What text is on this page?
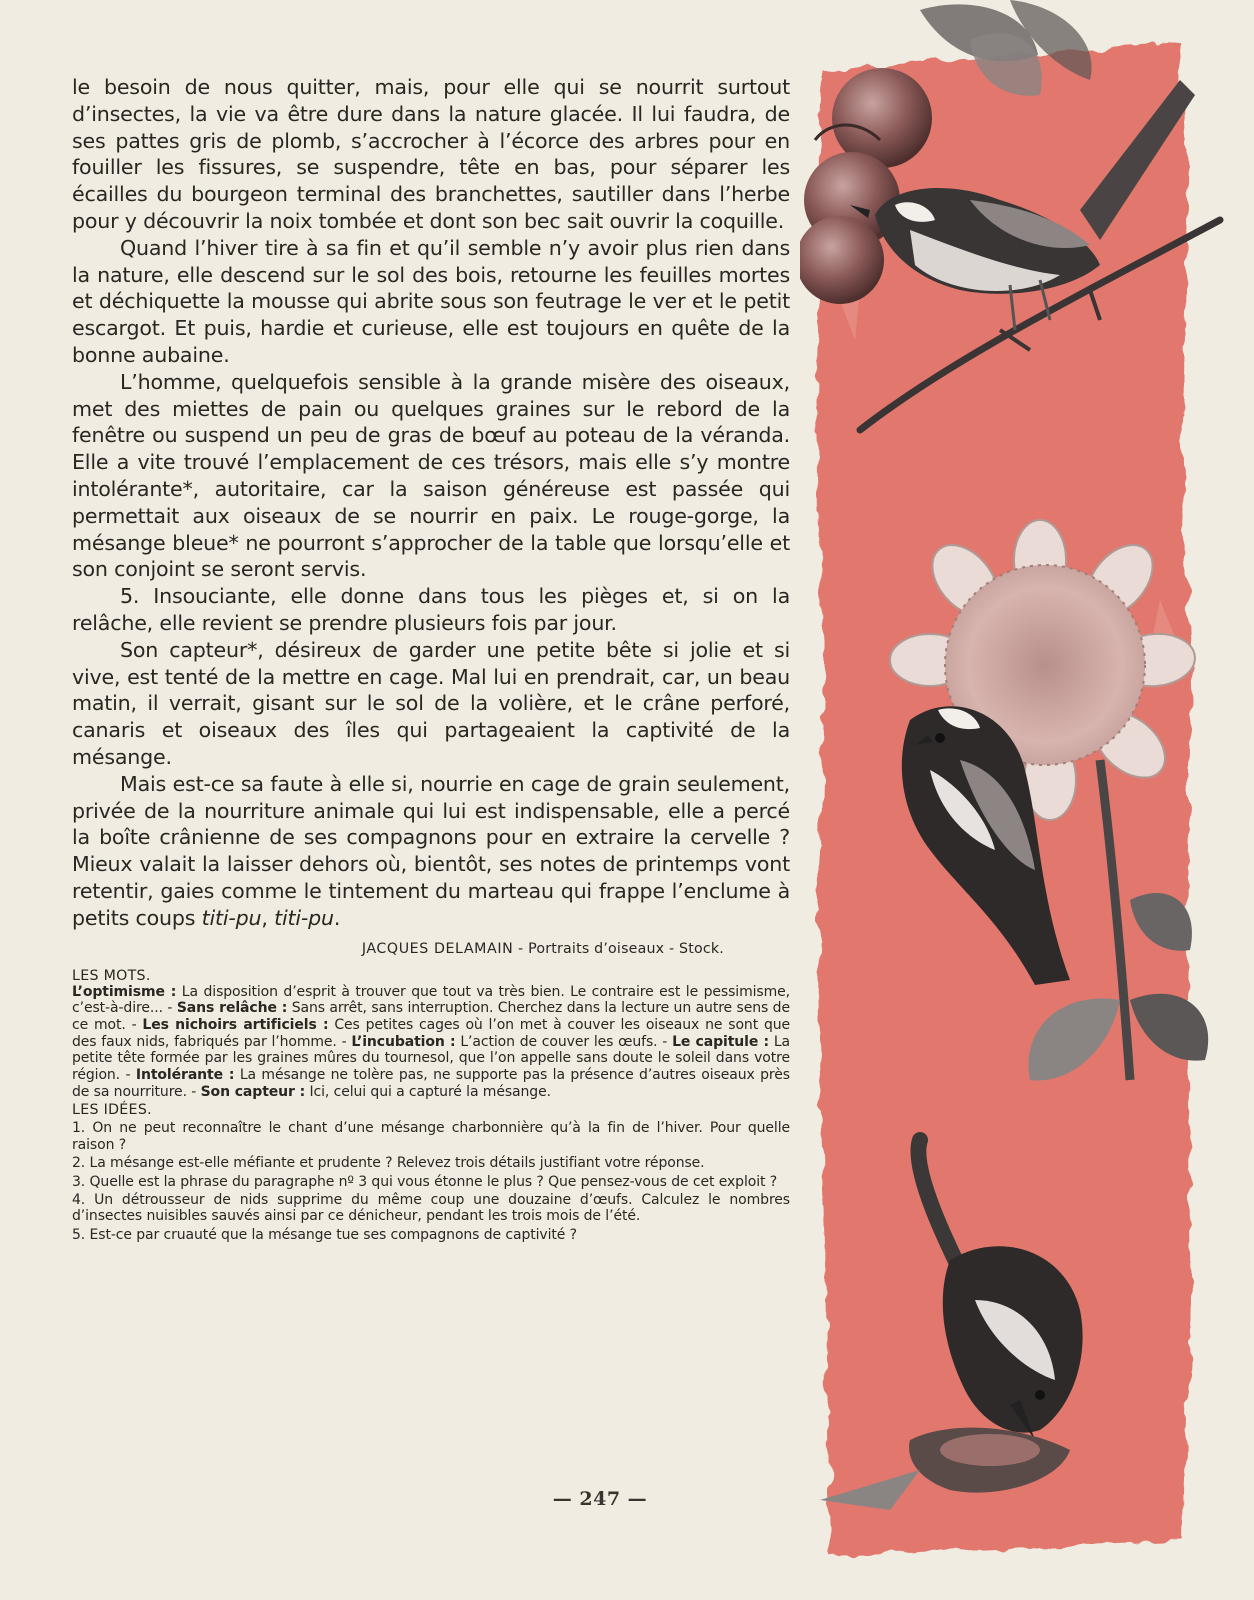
le besoin de nous quitter, mais, pour elle qui se nourrit surtout d’insectes, la vie va être dure dans la nature glacée. Il lui faudra, de ses pattes gris de plomb, s’accrocher à l’écorce des arbres pour en fouiller les fissures, se suspendre, tête en bas, pour séparer les écailles du bourgeon terminal des branchettes, sautiller dans l’herbe pour y découvrir la noix tombée et dont son bec sait ouvrir la coquille.

Quand l’hiver tire à sa fin et qu’il semble n’y avoir plus rien dans la nature, elle descend sur le sol des bois, retourne les feuilles mortes et déchiquette la mousse qui abrite sous son feutrage le ver et le petit escargot. Et puis, hardie et curieuse, elle est toujours en quête de la bonne aubaine.

L’homme, quelquefois sensible à la grande misère des oiseaux, met des miettes de pain ou quelques graines sur le rebord de la fenêtre ou suspend un peu de gras de bœuf au poteau de la véranda. Elle a vite trouvé l’emplacement de ces trésors, mais elle s’y montre intolérante*, autoritaire, car la saison généreuse est passée qui permettait aux oiseaux de se nourrir en paix. Le rouge-gorge, la mésange bleue* ne pourront s’approcher de la table que lorsqu’elle et son conjoint se seront servis.

5. Insouciante, elle donne dans tous les pièges et, si on la relâche, elle revient se prendre plusieurs fois par jour.

Son capteur*, désireux de garder une petite bête si jolie et si vive, est tenté de la mettre en cage. Mal lui en prendrait, car, un beau matin, il verrait, gisant sur le sol de la volière, et le crâne perforé, canaris et oiseaux des îles qui partageaient la captivité de la mésange.

Mais est-ce sa faute à elle si, nourrie en cage de grain seulement, privée de la nourriture animale qui lui est indispensable, elle a percé la boîte crânienne de ses compagnons pour en extraire la cervelle ? Mieux valait la laisser dehors où, bientôt, ses notes de printemps vont retentir, gaies comme le tintement du marteau qui frappe l’enclume à petits coups titi-pu, titi-pu.

JACQUES DELAMAIN - Portraits d’oiseaux - Stock.

LES MOTS.

L’optimisme : La disposition d’esprit à trouver que tout va très bien. Le contraire est le pessimisme, c’est-à-dire... - Sans relâche : Sans arrêt, sans interruption. Cherchez dans la lecture un autre sens de ce mot. - Les nichoirs artificiels : Ces petites cages où l’on met à couver les oiseaux ne sont que des faux nids, fabriqués par l’homme. - L’incubation : L’action de couver les œufs. - Le capitule : La petite tête formée par les graines mûres du tournesol, que l’on appelle sans doute le soleil dans votre région. - Intolérante : La mésange ne tolère pas, ne supporte pas la présence d’autres oiseaux près de sa nourriture. - Son capteur : Ici, celui qui a capturé la mésange.

LES IDÉES.

1. On ne peut reconnaître le chant d’une mésange charbonnière qu’à la fin de l’hiver. Pour quelle raison ?
2. La mésange est-elle méfiante et prudente ? Relevez trois détails justifiant votre réponse.
3. Quelle est la phrase du paragraphe nº 3 qui vous étonne le plus ? Que pensez-vous de cet exploit ?
4. Un détrousseur de nids supprime du même coup une douzaine d’œufs. Calculez le nombres d’insectes nuisibles sauvés ainsi par ce dénicheur, pendant les trois mois de l’été.
5. Est-ce par cruauté que la mésange tue ses compagnons de captivité ?
— 247 —
